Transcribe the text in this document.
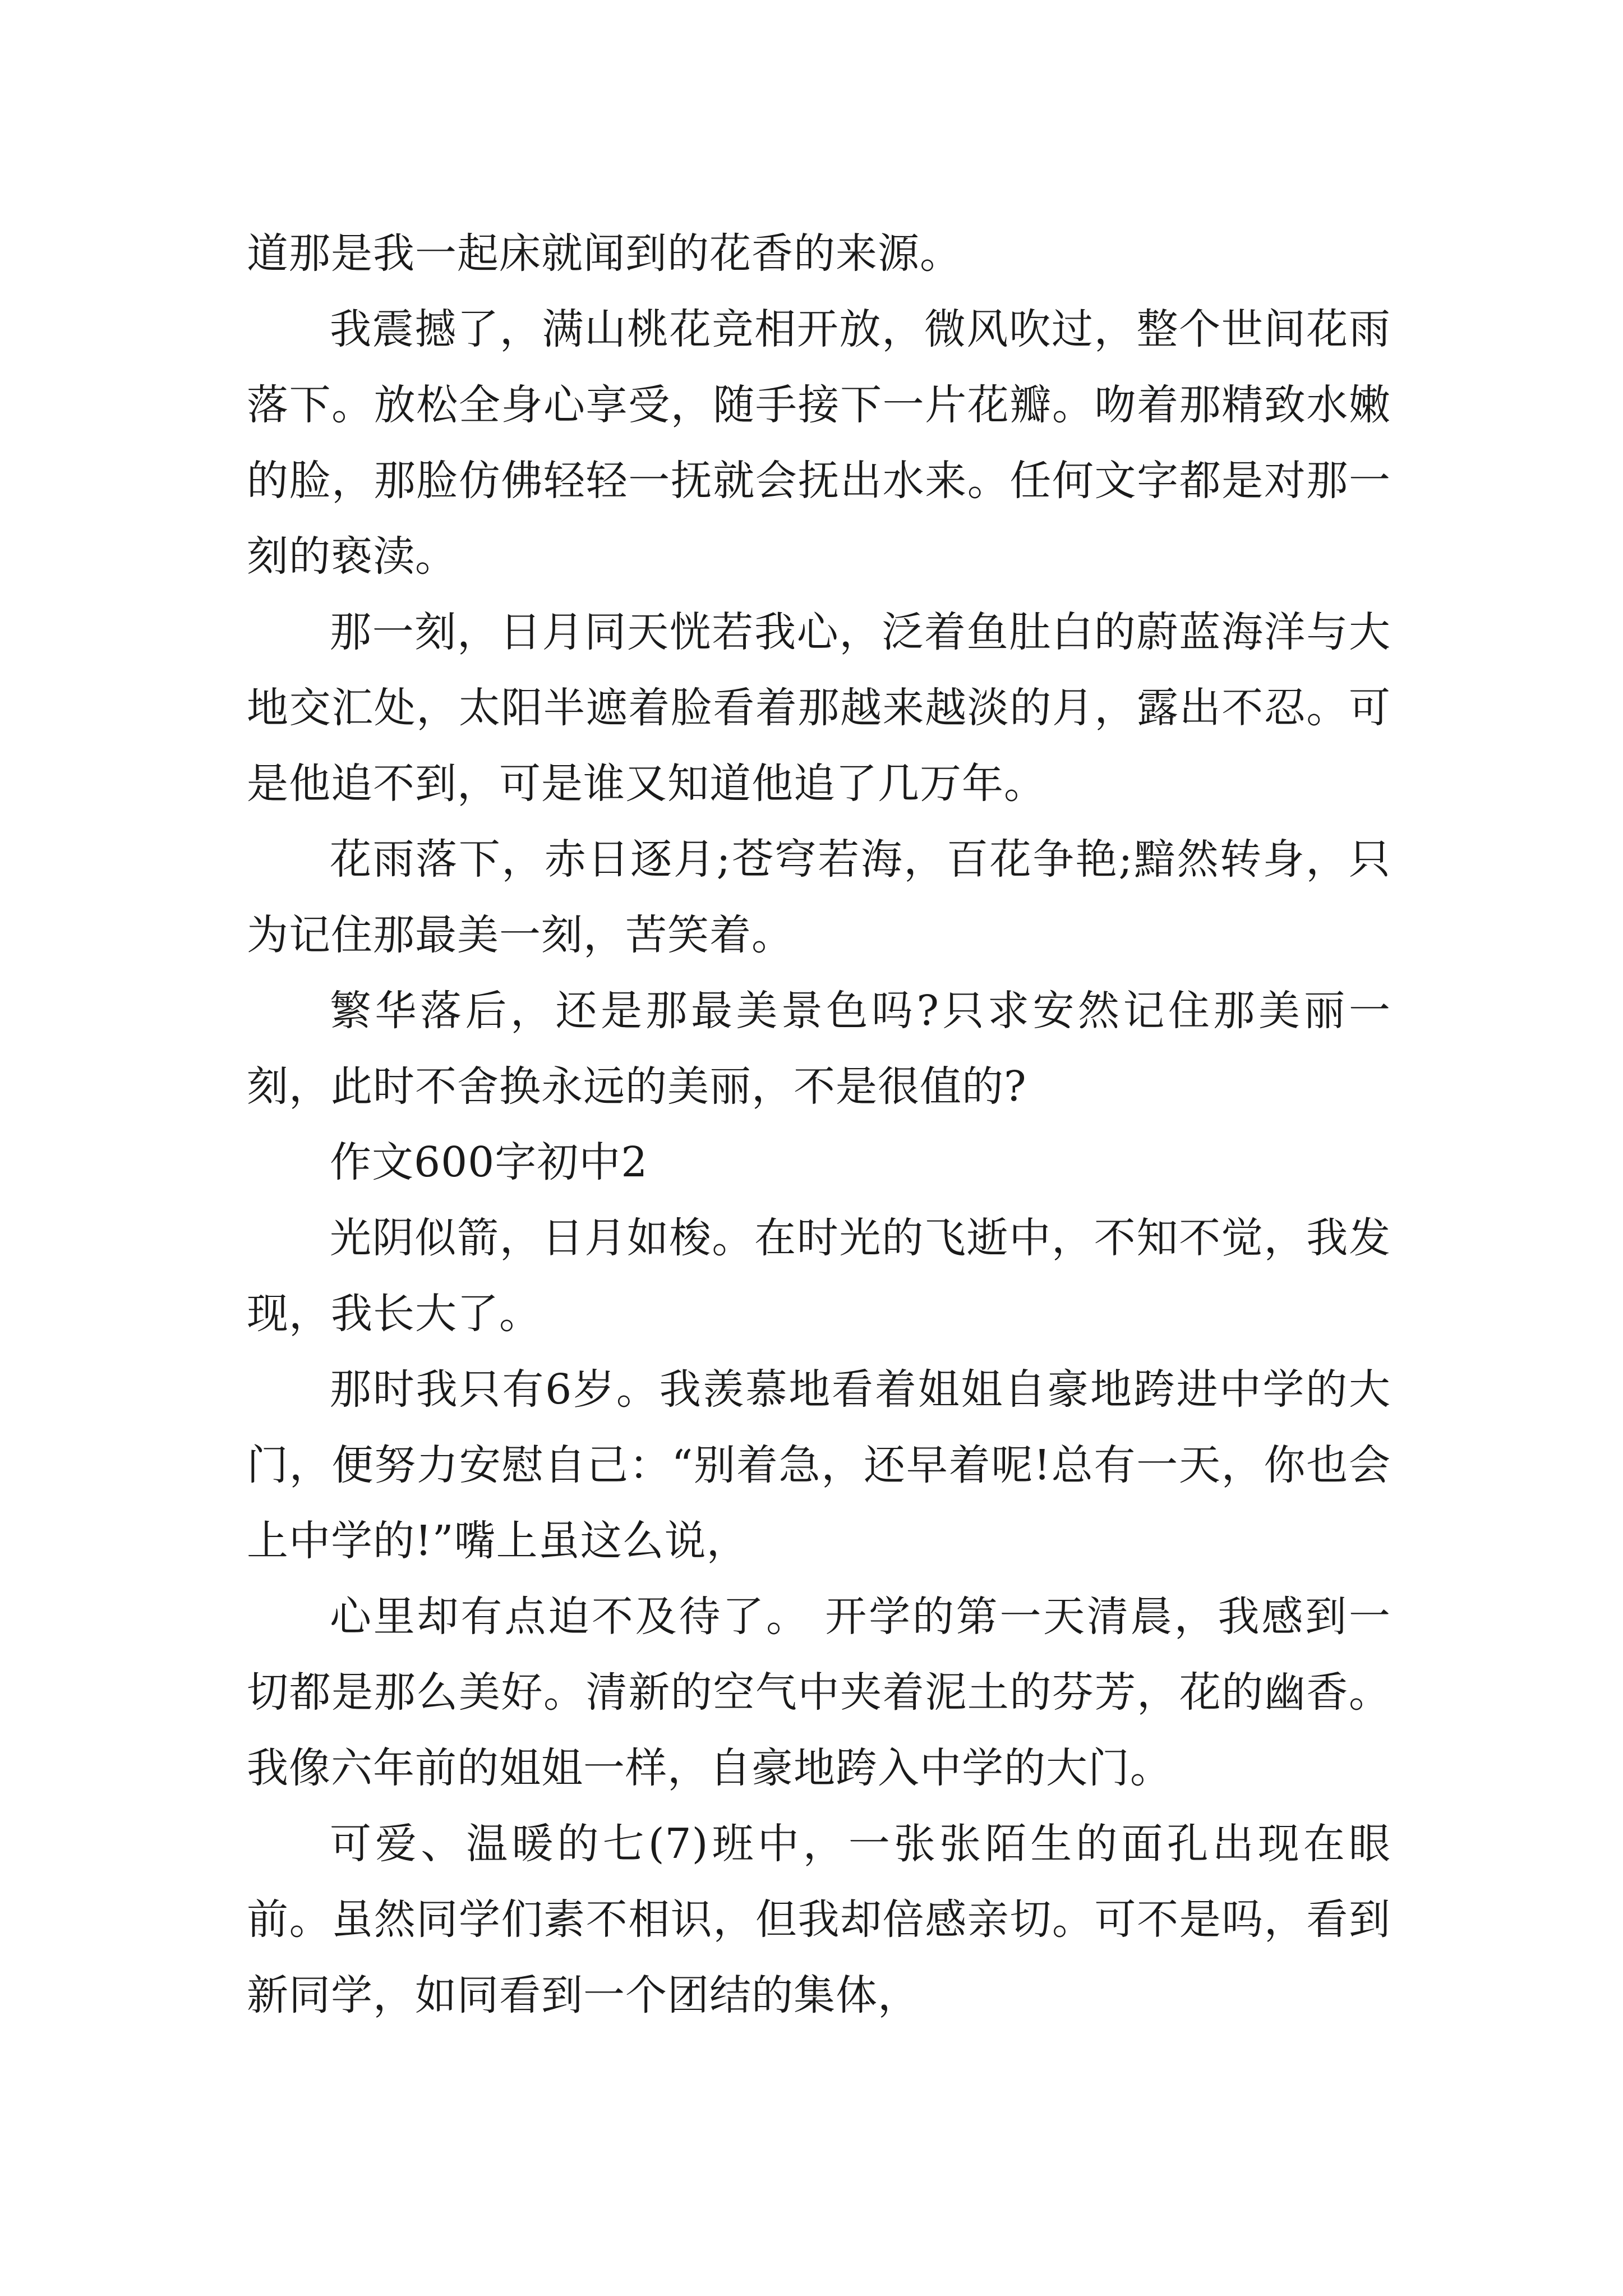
道那是我一起床就闻到的花香的来源。

我震撼了，满山桃花竞相开放，微风吹过，整个世间花雨落下。放松全身心享受，随手接下一片花瓣。吻着那精致水嫩的脸，那脸仿佛轻轻一抚就会抚出水来。任何文字都是对那一刻的亵渎。

那一刻，日月同天恍若我心，泛着鱼肚白的蔚蓝海洋与大地交汇处，太阳半遮着脸看着那越来越淡的月，露出不忍。可是他追不到，可是谁又知道他追了几万年。

花雨落下，赤日逐月;苍穹若海，百花争艳;黯然转身，只为记住那最美一刻，苦笑着。

繁华落后，还是那最美景色吗?只求安然记住那美丽一刻，此时不舍换永远的美丽，不是很值的?

作文600字初中2

光阴似箭，日月如梭。在时光的飞逝中，不知不觉，我发现，我长大了。

那时我只有6岁。我羡慕地看着姐姐自豪地跨进中学的大门，便努力安慰自己：“别着急，还早着呢!总有一天，你也会上中学的!”嘴上虽这么说，

心里却有点迫不及待了。 开学的第一天清晨，我感到一切都是那么美好。清新的空气中夹着泥土的芬芳，花的幽香。我像六年前的姐姐一样，自豪地跨入中学的大门。

可爱、温暖的七(7)班中，一张张陌生的面孔出现在眼前。虽然同学们素不相识，但我却倍感亲切。可不是吗，看到新同学，如同看到一个团结的集体，
